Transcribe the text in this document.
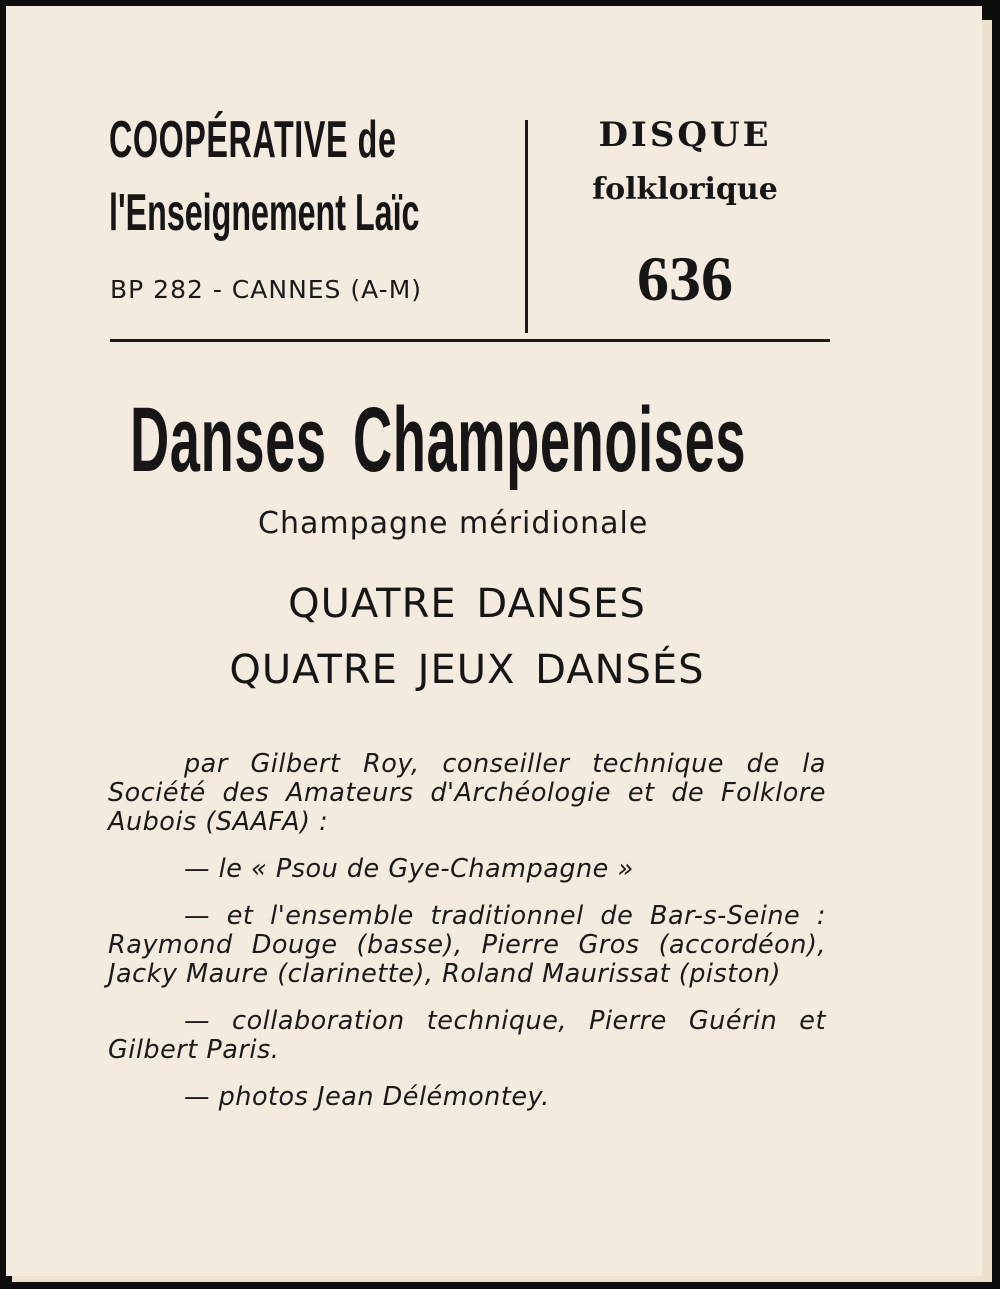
COOPÉRATIVE de
l'Enseignement Laïc
BP 282 - CANNES (A-M)
DISQUE
folklorique
636
Danses Champenoises
Champagne méridionale
QUATRE DANSES
QUATRE JEUX DANSÉS

par Gilbert Roy, conseiller technique de la Société des Amateurs d'Archéologie et de Folklore Aubois (SAAFA) :

— le « Psou de Gye-Champagne »

— et l'ensemble traditionnel de Bar-s-Seine : Raymond Douge (basse), Pierre Gros (accordéon), Jacky Maure (clarinette), Roland Maurissat (piston)

— collaboration technique, Pierre Guérin et Gilbert Paris.

— photos Jean Délémontey.
